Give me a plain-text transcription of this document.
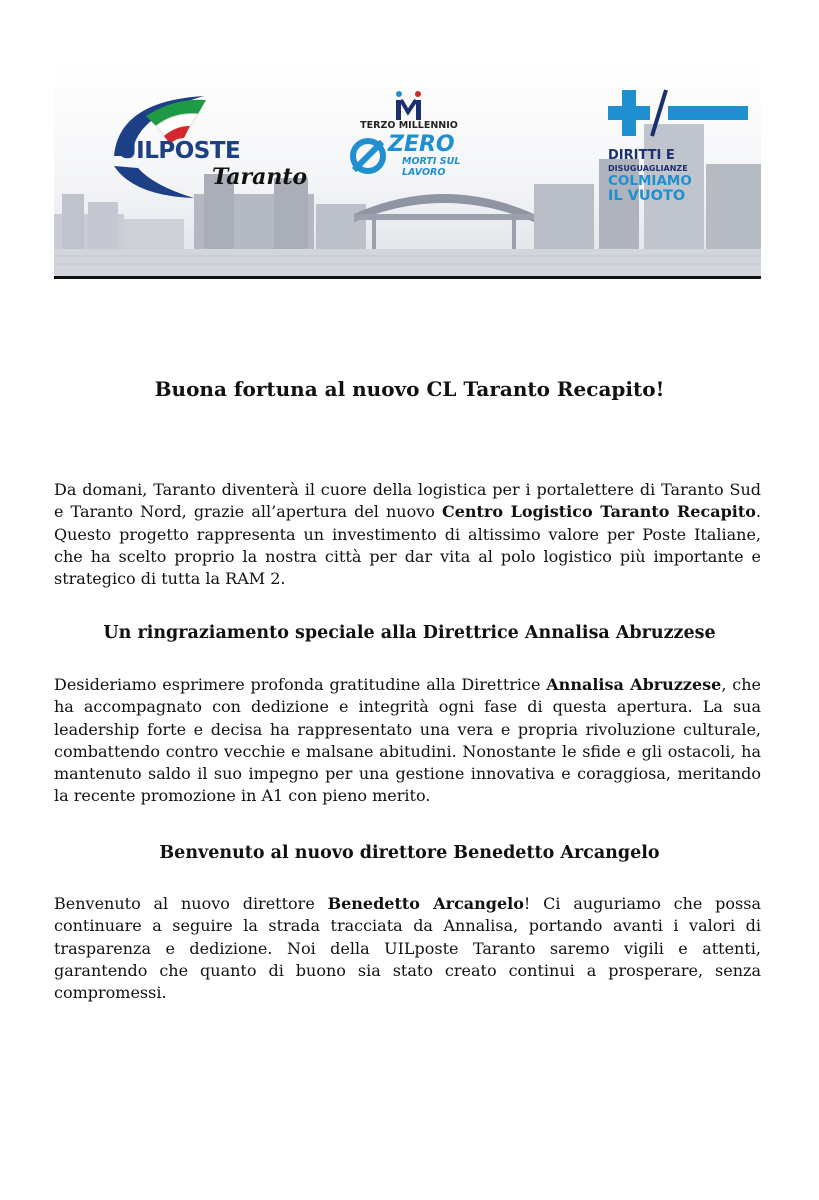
UILPOSTE
Taranto
TERZO MILLENNIO
ZERO
MORTI SUL
LAVORO
DIRITTI E
DISUGUAGLIANZE
COLMIAMO
IL VUOTO
Buona fortuna al nuovo CL Taranto Recapito!

Da domani, Taranto diventerà il cuore della logistica per i portalettere di Taranto Sud e Taranto Nord, grazie all’apertura del nuovo Centro Logistico Taranto Recapito. Questo progetto rappresenta un investimento di altissimo valore per Poste Italiane, che ha scelto proprio la nostra città per dar vita al polo logistico più importante e strategico di tutta la RAM 2.

Un ringraziamento speciale alla Direttrice Annalisa Abruzzese

Desideriamo esprimere profonda gratitudine alla Direttrice Annalisa Abruzzese, che ha accompagnato con dedizione e integrità ogni fase di questa apertura. La sua leadership forte e decisa ha rappresentato una vera e propria rivoluzione culturale, combattendo contro vecchie e malsane abitudini. Nonostante le sfide e gli ostacoli, ha mantenuto saldo il suo impegno per una gestione innovativa e coraggiosa, meritando la recente promozione in A1 con pieno merito.

Benvenuto al nuovo direttore Benedetto Arcangelo

Benvenuto al nuovo direttore Benedetto Arcangelo! Ci auguriamo che possa continuare a seguire la strada tracciata da Annalisa, portando avanti i valori di trasparenza e dedizione. Noi della UILposte Taranto saremo vigili e attenti, garantendo che quanto di buono sia stato creato continui a prosperare, senza compromessi.
